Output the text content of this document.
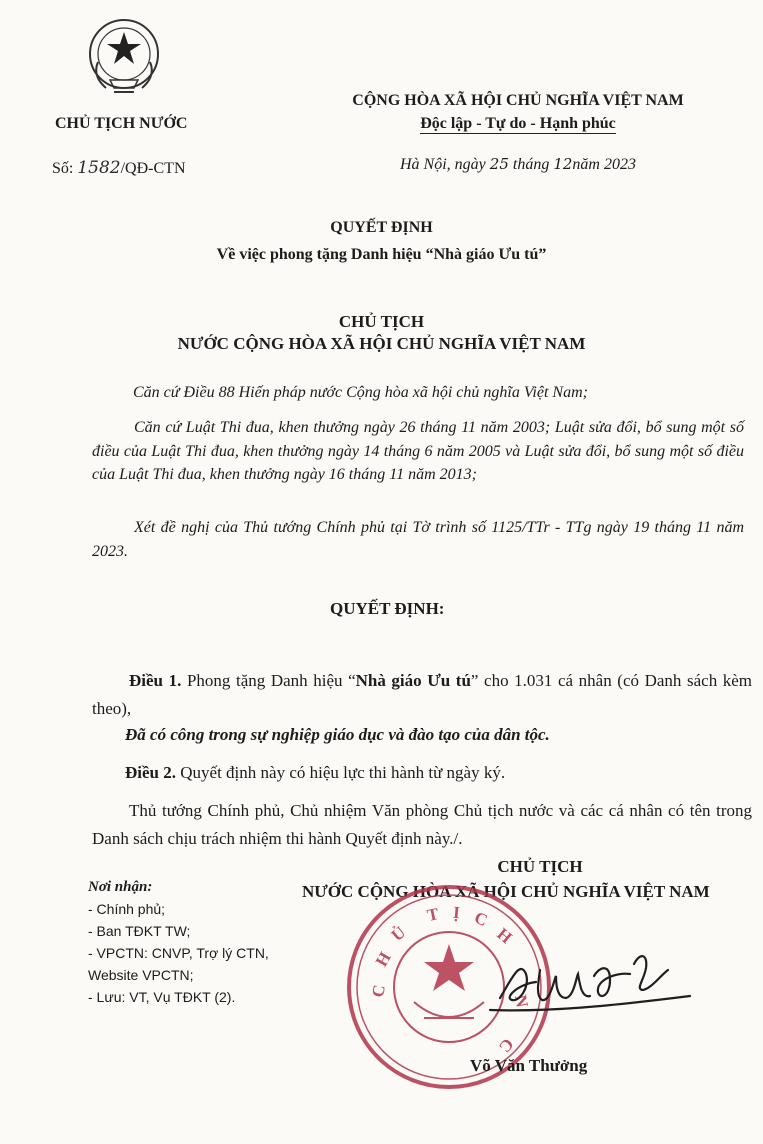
CHỦ TỊCH NƯỚC
Số: 1582/QĐ-CTN
CỘNG HÒA XÃ HỘI CHỦ NGHĨA VIỆT NAM
Độc lập - Tự do - Hạnh phúc
Hà Nội, ngày 25 tháng 12năm 2023
QUYẾT ĐỊNH
Về việc phong tặng Danh hiệu “Nhà giáo Ưu tú”
CHỦ TỊCH
NƯỚC CỘNG HÒA XÃ HỘI CHỦ NGHĨA VIỆT NAM
Căn cứ Điều 88 Hiến pháp nước Cộng hòa xã hội chủ nghĩa Việt Nam;
Căn cứ Luật Thi đua, khen thưởng ngày 26 tháng 11 năm 2003; Luật sửa đổi, bổ sung một số điều của Luật Thi đua, khen thưởng ngày 14 tháng 6 năm 2005 và Luật sửa đổi, bổ sung một số điều của Luật Thi đua, khen thưởng ngày 16 tháng 11 năm 2013;
Xét đề nghị của Thủ tướng Chính phủ tại Tờ trình số 1125/TTr - TTg ngày 19 tháng 11 năm 2023.
QUYẾT ĐỊNH:
Điều 1. Phong tặng Danh hiệu “Nhà giáo Ưu tú” cho 1.031 cá nhân (có Danh sách kèm theo),
Đã có công trong sự nghiệp giáo dục và đào tạo của dân tộc.
Điều 2. Quyết định này có hiệu lực thi hành từ ngày ký.
Thủ tướng Chính phủ, Chủ nhiệm Văn phòng Chủ tịch nước và các cá nhân có tên trong Danh sách chịu trách nhiệm thi hành Quyết định này./.
Nơi nhận:
- Chính phủ;
- Ban TĐKT TW;
- VPCTN: CNVP, Trợ lý CTN,
Website VPCTN;
- Lưu: VT, Vụ TĐKT (2).
CHỦ TỊCH
NƯỚC CỘNG HÒA XÃ HỘI CHỦ NGHĨA VIỆT NAM
C
H
Ủ
T Ị C
H
N
C
Võ Văn Thưởng
